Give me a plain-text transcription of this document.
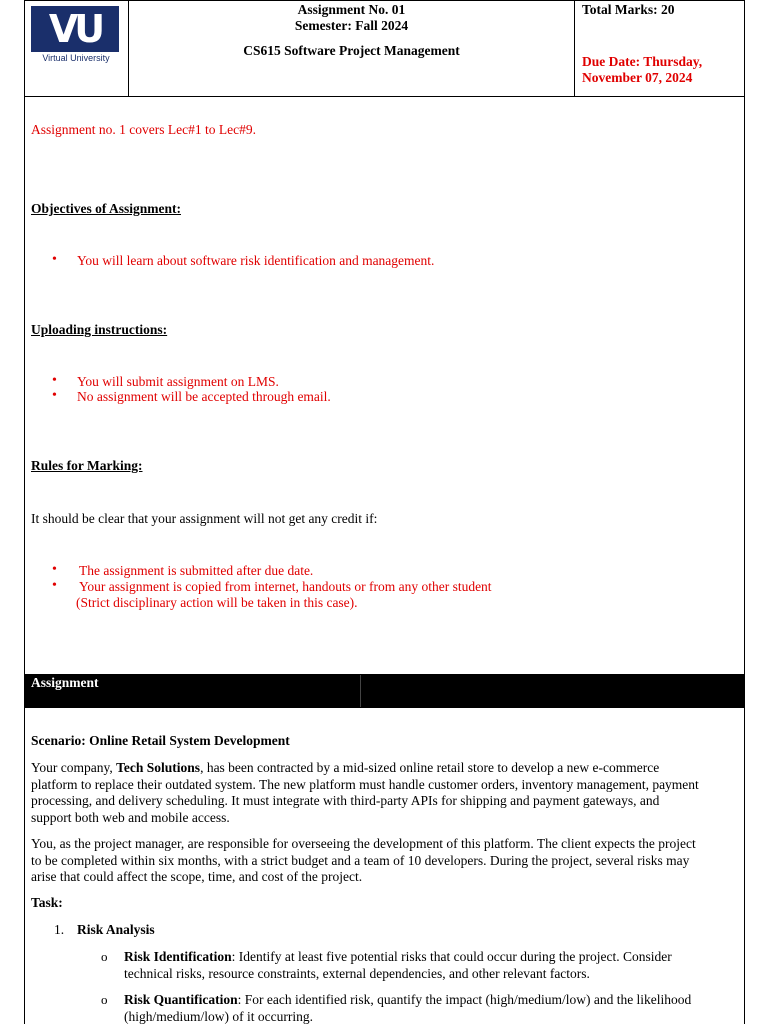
VU
Virtual University
Assignment No. 01
Semester: Fall 2024
CS615 Software Project Management
Total Marks: 20
Due Date: Thursday,
November 07, 2024
Assignment no. 1 covers Lec#1 to Lec#9.
Objectives of Assignment:
• You will learn about software risk identification and management.
Uploading instructions:
• You will submit assignment on LMS.
• No assignment will be accepted through email.
Rules for Marking:
It should be clear that your assignment will not get any credit if:
• The assignment is submitted after due date.
• Your assignment is copied from internet, handouts or from any other student
(Strict disciplinary action will be taken in this case).
Assignment
Scenario: Online Retail System Development
Your company, Tech Solutions, has been contracted by a mid-sized online retail store to develop a new e-commerce
platform to replace their outdated system. The new platform must handle customer orders, inventory management, payment
processing, and delivery scheduling. It must integrate with third-party APIs for shipping and payment gateways, and
support both web and mobile access.
You, as the project manager, are responsible for overseeing the development of this platform. The client expects the project
to be completed within six months, with a strict budget and a team of 10 developers. During the project, several risks may
arise that could affect the scope, time, and cost of the project.
Task:
1. Risk Analysis
o Risk Identification: Identify at least five potential risks that could occur during the project. Consider
technical risks, resource constraints, external dependencies, and other relevant factors.
o Risk Quantification: For each identified risk, quantify the impact (high/medium/low) and the likelihood
(high/medium/low) of it occurring.
